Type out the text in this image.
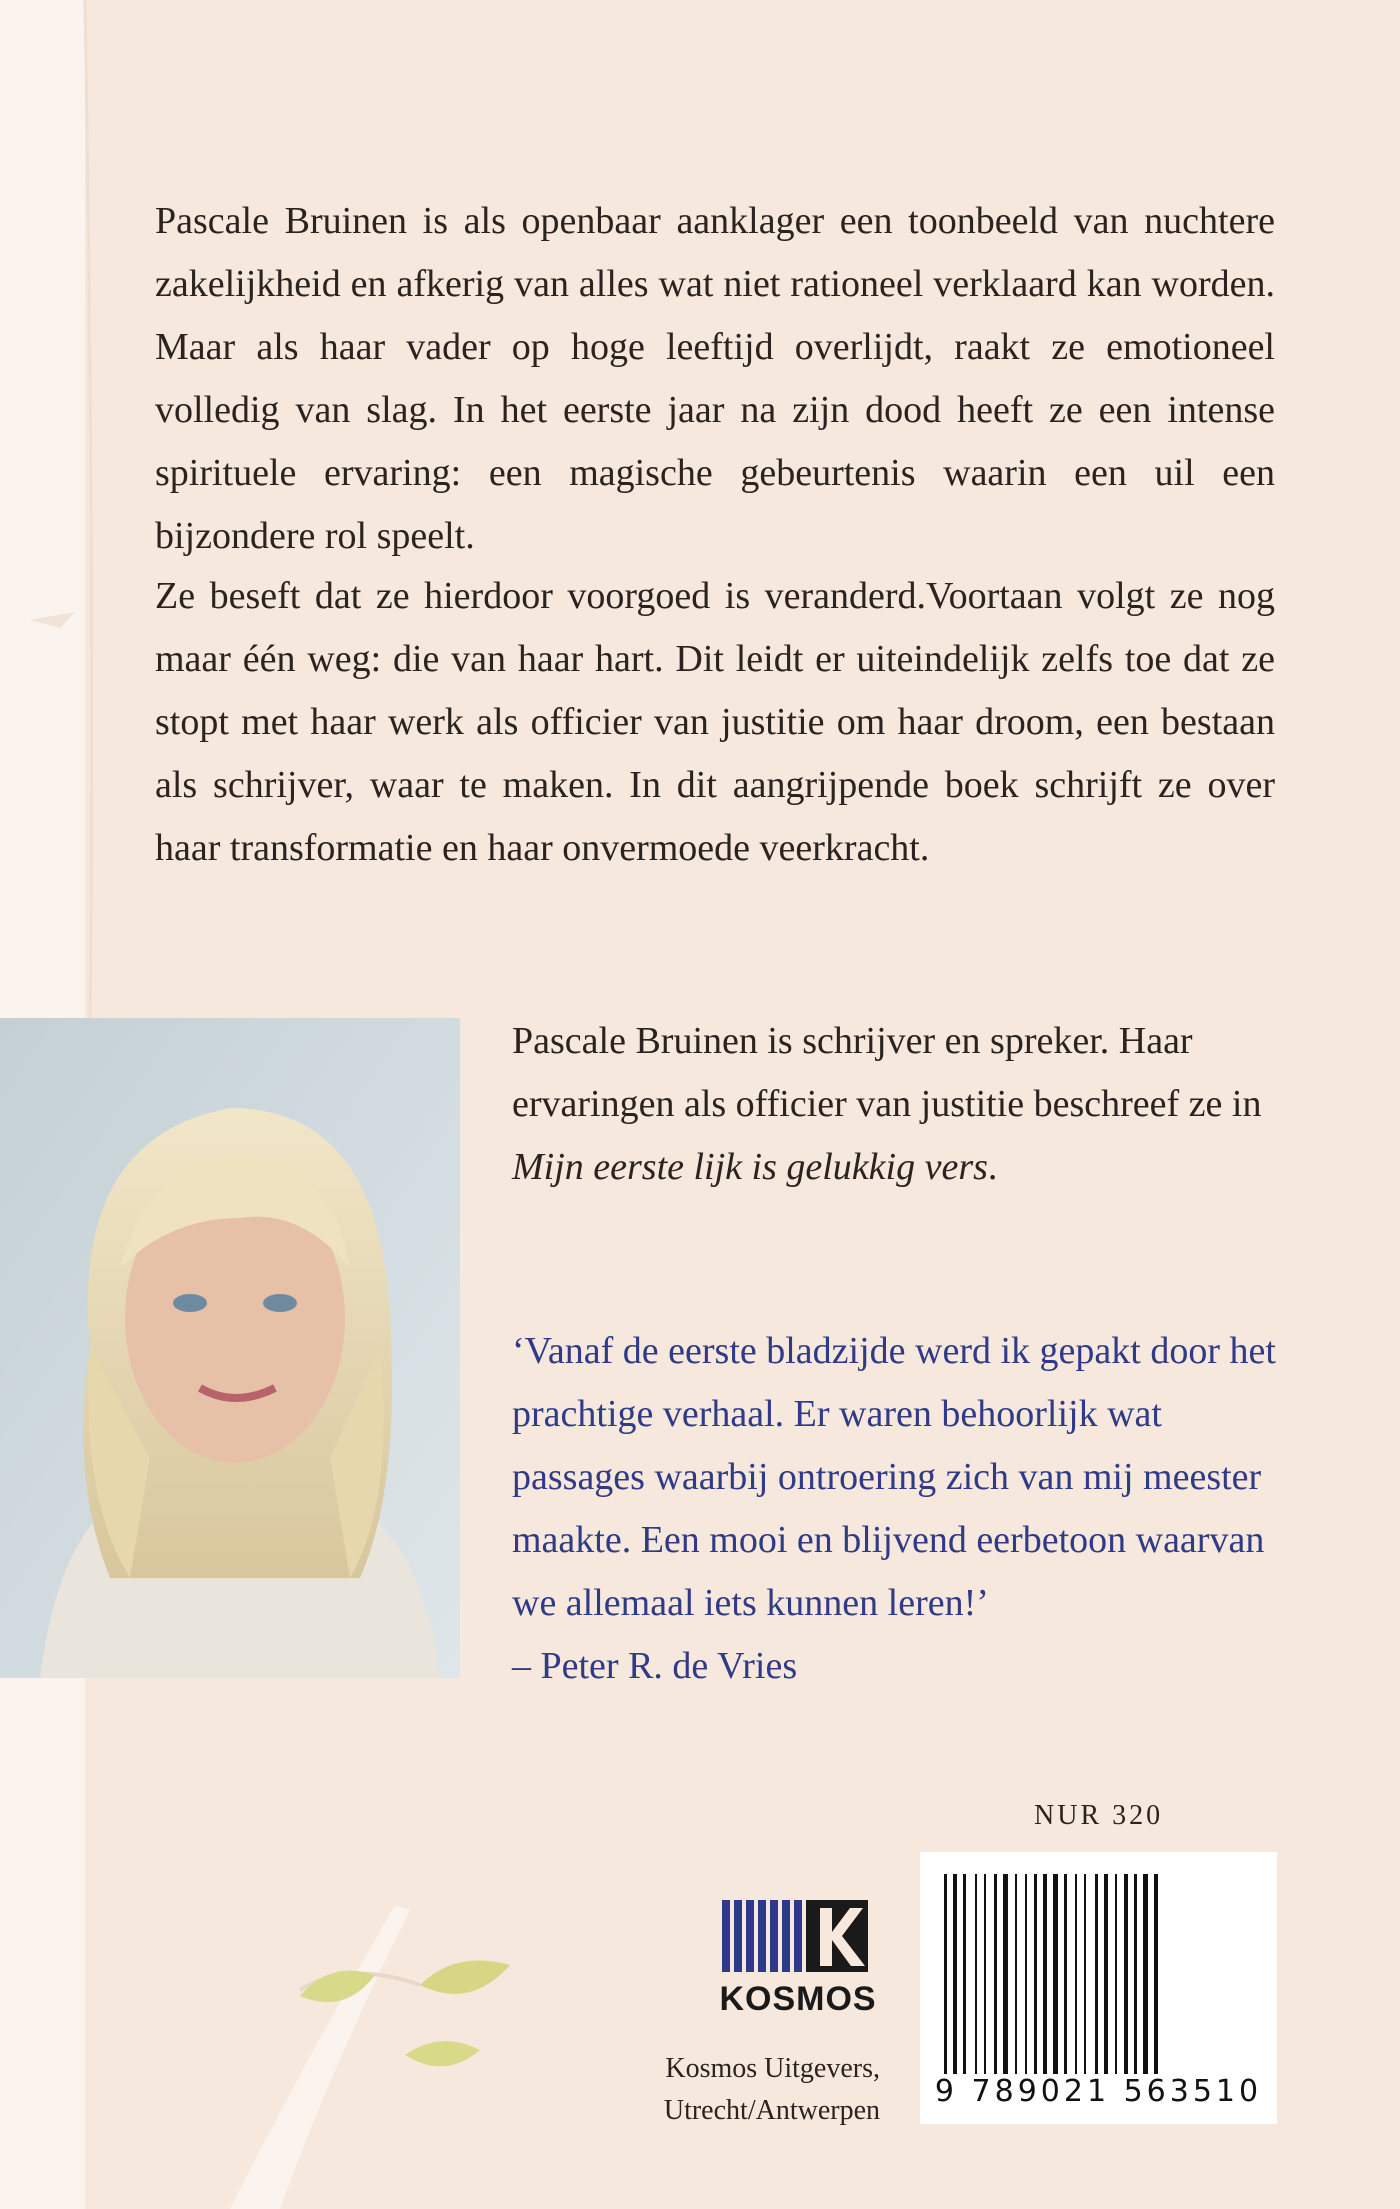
Pascale Bruinen is als openbaar aanklager een toonbeeld van nuchtere zakelijkheid en afkerig van alles wat niet rationeel verklaard kan worden. Maar als haar vader op hoge leeftijd overlijdt, raakt ze emotioneel volledig van slag. In het eerste jaar na zijn dood heeft ze een intense spirituele ervaring: een magische gebeurtenis waarin een uil een bijzondere rol speelt.

Ze beseft dat ze hierdoor voorgoed is veranderd.Voortaan volgt ze nog maar één weg: die van haar hart. Dit leidt er uiteindelijk zelfs toe dat ze stopt met haar werk als officier van justitie om haar droom, een bestaan als schrijver, waar te maken. In dit aangrijpende boek schrijft ze over haar transformatie en haar onvermoede veerkracht.

Pascale Bruinen is schrijver en spreker. Haar ervaringen als officier van justitie beschreef ze in Mijn eerste lijk is gelukkig vers.

‘Vanaf de eerste bladzijde werd ik gepakt door het prachtige verhaal. Er waren behoorlijk wat passages waarbij ontroering zich van mij meester maakte. Een mooi en blijvend eerbetoon waarvan we allemaal iets kunnen leren!’
– Peter R. de Vries

NUR 320
9 789021 563510
KOSMOS
Kosmos Uitgevers,
Utrecht/Antwerpen
